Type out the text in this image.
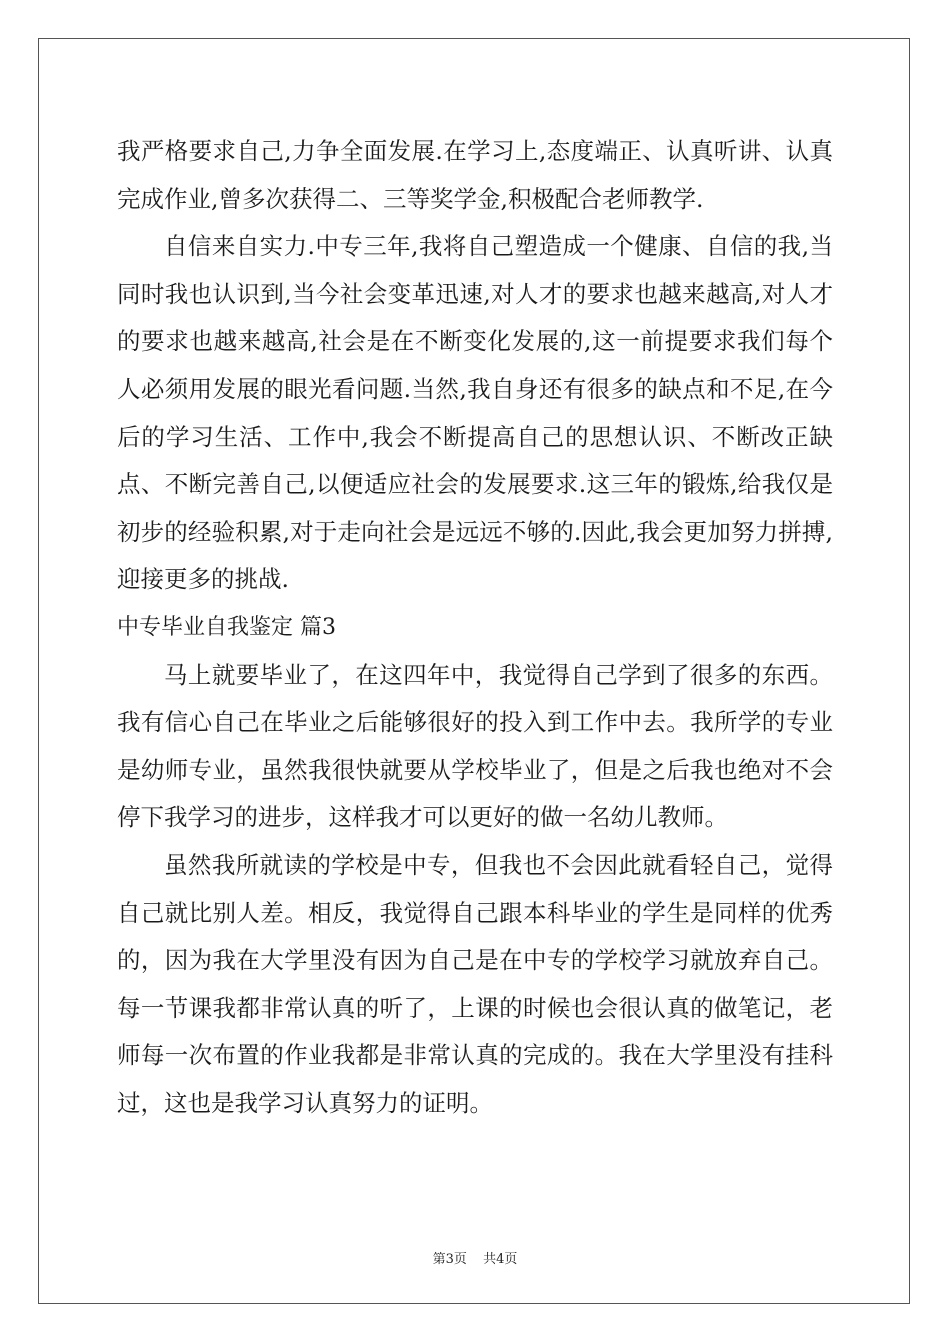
我严格要求自己,力争全面发展.在学习上,态度端正、认真听讲、认真完成作业,曾多次获得二、三等奖学金,积极配合老师教学.

自信来自实力.中专三年,我将自己塑造成一个健康、自信的我,当同时我也认识到,当今社会变革迅速,对人才的要求也越来越高,对人才的要求也越来越高,社会是在不断变化发展的,这一前提要求我们每个人必须用发展的眼光看问题.当然,我自身还有很多的缺点和不足,在今后的学习生活、工作中,我会不断提高自己的思想认识、不断改正缺点、不断完善自己,以便适应社会的发展要求.这三年的锻炼,给我仅是初步的经验积累,对于走向社会是远远不够的.因此,我会更加努力拼搏,迎接更多的挑战.

中专毕业自我鉴定 篇3

马上就要毕业了，在这四年中，我觉得自己学到了很多的东西。我有信心自己在毕业之后能够很好的投入到工作中去。我所学的专业是幼师专业，虽然我很快就要从学校毕业了，但是之后我也绝对不会停下我学习的进步，这样我才可以更好的做一名幼儿教师。

虽然我所就读的学校是中专，但我也不会因此就看轻自己，觉得自己就比别人差。相反，我觉得自己跟本科毕业的学生是同样的优秀的，因为我在大学里没有因为自己是在中专的学校学习就放弃自己。每一节课我都非常认真的听了，上课的时候也会很认真的做笔记，老师每一次布置的作业我都是非常认真的完成的。我在大学里没有挂科过，这也是我学习认真努力的证明。

第3页 共4页
